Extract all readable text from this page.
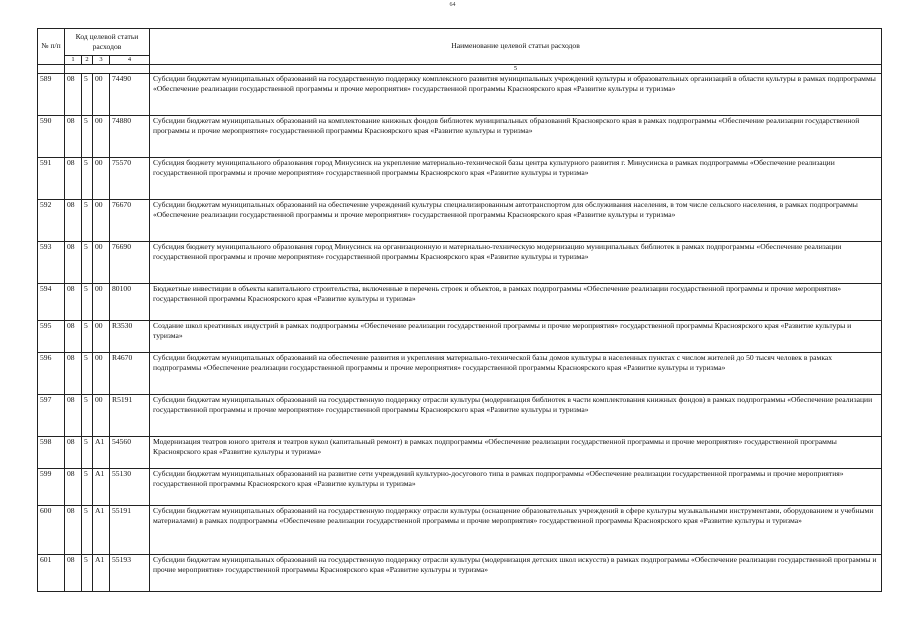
64
№ п/п	Код целевой статьи расходов				Наименование целевой статьи расходов
	1	2	3	4	
					5
589	08	5	00	74490	Субсидии бюджетам муниципальных образований на государственную поддержку комплексного развития муниципальных учреждений культуры и образовательных организаций в области культуры в рамках подпрограммы «Обеспечение реализации государственной программы и прочие мероприятия» государственной программы Красноярского края «Развитие культуры и туризма»
590	08	5	00	74880	Субсидии бюджетам муниципальных образований на комплектование книжных фондов библиотек муниципальных образований Красноярского края в рамках подпрограммы «Обеспечение реализации государственной программы и прочие мероприятия» государственной программы Красноярского края «Развитие культуры и туризма»
591	08	5	00	75570	Субсидия бюджету муниципального образования город Минусинск на укрепление материально-технической базы центра культурного развития г. Минусинска в рамках подпрограммы «Обеспечение реализации государственной программы и прочие мероприятия» государственной программы Красноярского края «Развитие культуры и туризма»
592	08	5	00	76670	Субсидии бюджетам муниципальных образований на обеспечение учреждений культуры специализированным автотранспортом для обслуживания населения, в том числе сельского населения, в рамках подпрограммы «Обеспечение реализации государственной программы и прочие мероприятия» государственной программы Красноярского края «Развитие культуры и туризма»
593	08	5	00	76690	Субсидия бюджету муниципального образования город Минусинск на организационную и материально-техническую модернизацию муниципальных библиотек в рамках подпрограммы «Обеспечение реализации государственной программы и прочие мероприятия» государственной программы Красноярского края «Развитие культуры и туризма»
594	08	5	00	80100	Бюджетные инвестиции в объекты капитального строительства, включенные в перечень строек и объектов, в рамках подпрограммы «Обеспечение реализации государственной программы и прочие мероприятия» государственной программы Красноярского края «Развитие культуры и туризма»
595	08	5	00	R3530	Создание школ креативных индустрий в рамках подпрограммы «Обеспечение реализации государственной программы и прочие мероприятия» государственной программы Красноярского края «Развитие культуры и туризма»
596	08	5	00	R4670	Субсидии бюджетам муниципальных образований на обеспечение развития и укрепления материально-технической базы домов культуры в населенных пунктах с числом жителей до 50 тысяч человек в рамках подпрограммы «Обеспечение реализации государственной программы и прочие мероприятия» государственной программы Красноярского края «Развитие культуры и туризма»
597	08	5	00	R5191	Субсидии бюджетам муниципальных образований на государственную поддержку отрасли культуры (модернизация библиотек в части комплектования книжных фондов) в рамках подпрограммы «Обеспечение реализации государственной программы и прочие мероприятия» государственной программы Красноярского края «Развитие культуры и туризма»
598	08	5	A1	54560	Модернизация театров юного зрителя и театров кукол (капитальный ремонт) в рамках подпрограммы «Обеспечение реализации государственной программы и прочие мероприятия» государственной программы Красноярского края «Развитие культуры и туризма»
599	08	5	A1	55130	Субсидии бюджетам муниципальных образований на развитие сети учреждений культурно-досугового типа в рамках подпрограммы «Обеспечение реализации государственной программы и прочие мероприятия» государственной программы Красноярского края «Развитие культуры и туризма»
600	08	5	A1	55191	Субсидии бюджетам муниципальных образований на государственную поддержку отрасли культуры (оснащение образовательных учреждений в сфере культуры музыкальными инструментами, оборудованием и учебными материалами) в рамках подпрограммы «Обеспечение реализации государственной программы и прочие мероприятия» государственной программы Красноярского края «Развитие культуры и туризма»
601	08	5	A1	55193	Субсидии бюджетам муниципальных образований на государственную поддержку отрасли культуры (модернизация детских школ искусств) в рамках подпрограммы «Обеспечение реализации государственной программы и прочие мероприятия» государственной программы Красноярского края «Развитие культуры и туризма»
